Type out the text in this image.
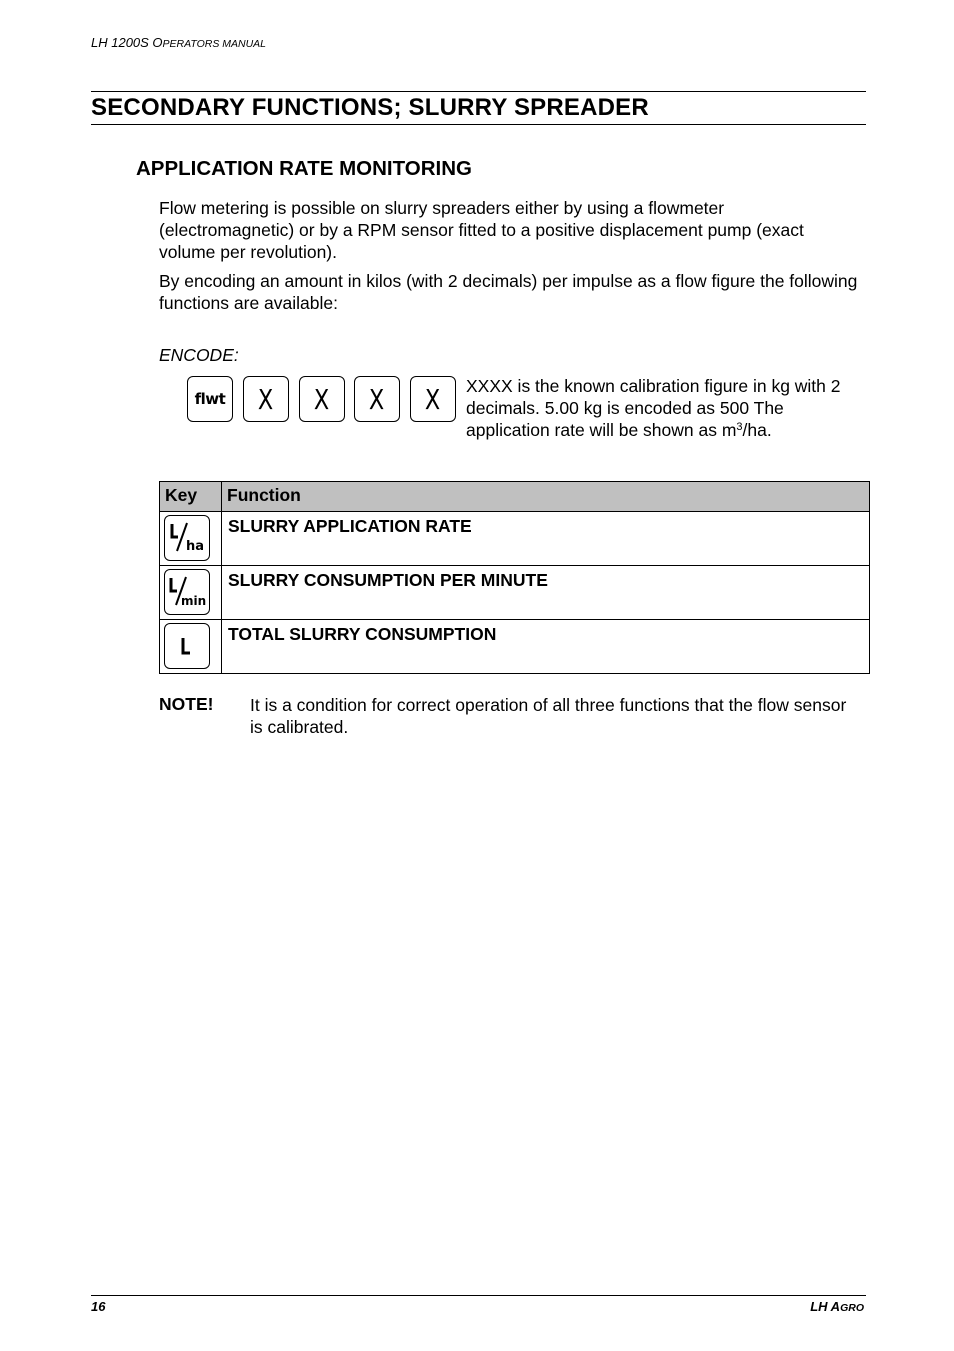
LH 1200S OPERATORS MANUAL
SECONDARY FUNCTIONS; SLURRY SPREADER
APPLICATION RATE MONITORING
Flow metering is possible on slurry spreaders either by using a flowmeter (electromagnetic) or by a RPM sensor fitted to a positive displacement pump (exact volume per revolution).
By encoding an amount in kilos (with 2 decimals) per impulse as a flow figure the following functions are available:
ENCODE:
flwt X X X X XXXX is the known calibration figure in kg with 2 decimals. 5.00 kg is encoded as 500 The application rate will be shown as $m^3/ha$.
Key	Function

ha	SLURRY APPLICATION RATE

min	SLURRY CONSUMPTION PER MINUTE

	TOTAL SLURRY CONSUMPTION
NOTE! It is a condition for correct operation of all three functions that the flow sensor is calibrated.
16	LH AGRO
